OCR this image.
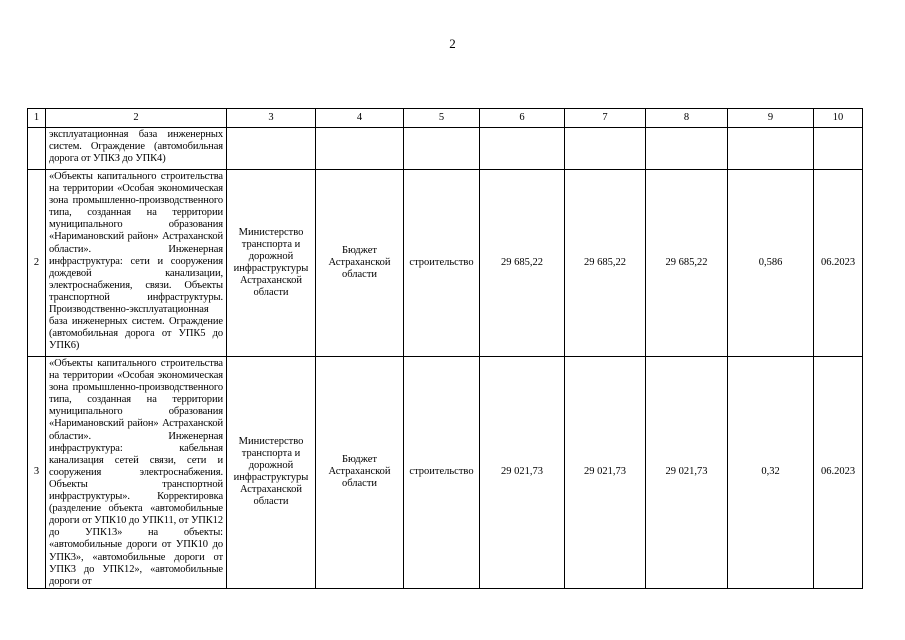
2
1	2	3	4	5	6	7	8	9	10
	эксплуатационная база инженерных систем. Ограждение (автомобильная дорога от УПКЗ до УПК4)								
2	«Объекты капитального строительства на территории «Особая экономическая зона промышленно-производственного типа, созданная на территории муниципального образования «Наримановский район» Астраханской области». Инженерная инфраструктура: сети и сооружения дождевой канализации, электроснабжения, связи. Объекты транспортной инфраструктуры. Производственно-эксплуатационная база инженерных систем. Ограждение (автомобильная дорога от УПК5 до УПК6)	Министерство транспорта и дорожной инфраструктуры Астраханской области	Бюджет Астраханской области	строительство	29 685,22	29 685,22	29 685,22	0,586	06.2023
3	«Объекты капитального строительства на территории «Особая экономическая зона промышленно-производственного типа, созданная на территории муниципального образования «Наримановский район» Астраханской области». Инженерная инфраструктура: кабельная канализация сетей связи, сети и сооружения электроснабжения. Объекты транспортной инфраструктуры». Корректировка (разделение объекта «автомобильные дороги от УПК10 до УПК11, от УПК12 до УПК13» на объекты: «автомобильные дороги от УПК10 до УПК3», «автомобильные дороги от УПК3 до УПК12», «автомобильные дороги от	Министерство транспорта и дорожной инфраструктуры Астраханской области	Бюджет Астраханской области	строительство	29 021,73	29 021,73	29 021,73	0,32	06.2023
